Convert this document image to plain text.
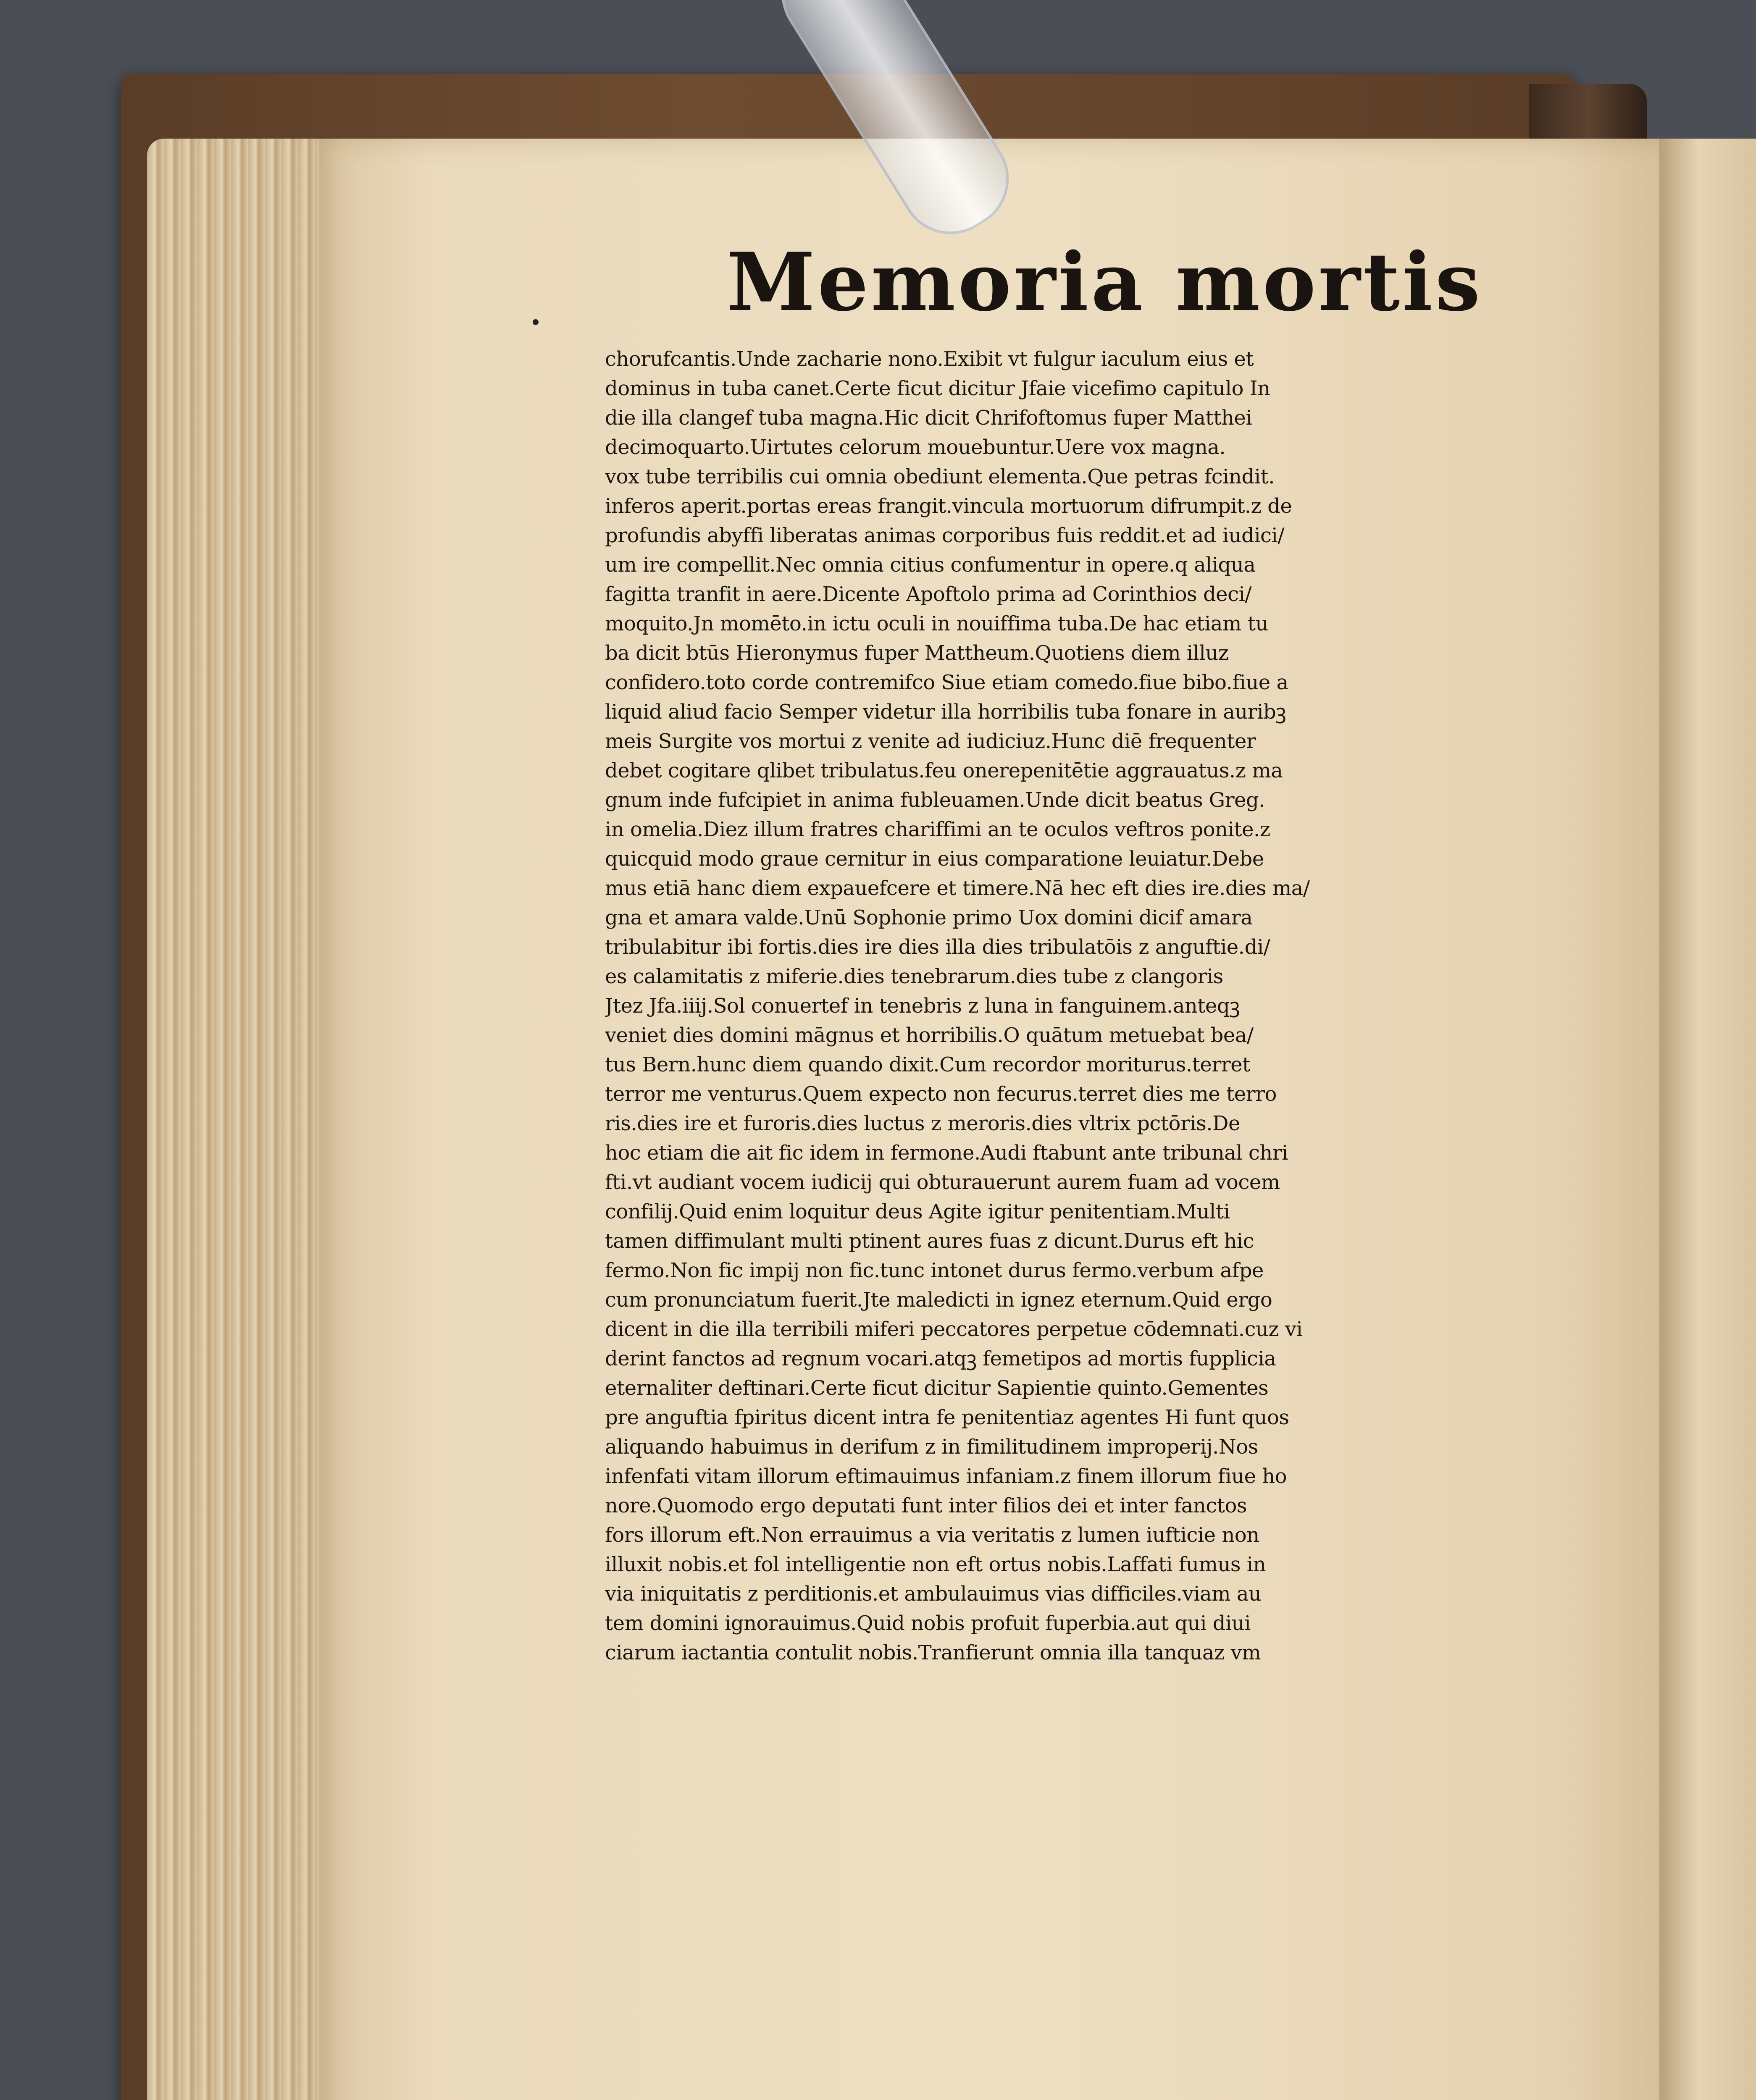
Memoria mortis
chorufcantis.Unde zacharie nono.Exibit vt fulgur iaculum eius et
dominus in tuba canet.Certe ficut dicitur Jfaie vicefimo capitulo In
die illa clangef tuba magna.Hic dicit Chrifoftomus fuper Matthei
decimoquarto.Uirtutes celorum mouebuntur.Uere vox magna.
vox tube terribilis cui omnia obediunt elementa.Que petras fcindit.
inferos aperit.portas ereas frangit.vincula mortuorum difrumpit.z de
profundis abyffi liberatas animas corporibus fuis reddit.et ad iudici/
um ire compellit.Nec omnia citius confumentur in opere.q aliqua
fagitta tranfit in aere.Dicente Apoftolo prima ad Corinthios deci/
moquito.Jn momēto.in ictu oculi in nouiffima tuba.De hac etiam tu
ba dicit btūs Hieronymus fuper Mattheum.Quotiens diem illuz
confidero.toto corde contremifco Siue etiam comedo.fiue bibo.fiue a
liquid aliud facio Semper videtur illa horribilis tuba fonare in auribꝫ
meis Surgite vos mortui z venite ad iudiciuz.Hunc diē frequenter
debet cogitare qlibet tribulatus.feu onerepenitētie aggrauatus.z ma
gnum inde fufcipiet in anima fubleuamen.Unde dicit beatus Greg.
in omelia.Diez illum fratres chariffimi an te oculos veftros ponite.z
quicquid modo graue cernitur in eius comparatione leuiatur.Debe
mus etiā hanc diem expauefcere et timere.Nā hec eft dies ire.dies ma/
gna et amara valde.Unū Sophonie primo Uox domini dicif amara
tribulabitur ibi fortis.dies ire dies illa dies tribulatōis z anguftie.di/
es calamitatis z miferie.dies tenebrarum.dies tube z clangoris
Jtez Jfa.iiij.Sol conuertef in tenebris z luna in fanguinem.anteqꝫ
veniet dies domini māgnus et horribilis.O quātum metuebat bea/
tus Bern.hunc diem quando dixit.Cum recordor moriturus.terret
terror me venturus.Quem expecto non fecurus.terret dies me terro
ris.dies ire et furoris.dies luctus z meroris.dies vltrix pctōris.De
hoc etiam die ait fic idem in fermone.Audi ftabunt ante tribunal chri
fti.vt audiant vocem iudicij qui obturauerunt aurem fuam ad vocem
confilij.Quid enim loquitur deus Agite igitur penitentiam.Multi
tamen diffimulant multi ptinent aures fuas z dicunt.Durus eft hic
fermo.Non fic impij non fic.tunc intonet durus fermo.verbum afpe
cum pronunciatum fuerit.Jte maledicti in ignez eternum.Quid ergo
dicent in die illa terribili miferi peccatores perpetue cōdemnati.cuz vi
derint fanctos ad regnum vocari.atqꝫ femetipos ad mortis fupplicia
eternaliter deftinari.Certe ficut dicitur Sapientie quinto.Gementes
pre anguftia fpiritus dicent intra fe penitentiaz agentes Hi funt quos
aliquando habuimus in derifum z in fimilitudinem improperij.Nos
infenfati vitam illorum eftimauimus infaniam.z finem illorum fiue ho
nore.Quomodo ergo deputati funt inter filios dei et inter fanctos
fors illorum eft.Non errauimus a via veritatis z lumen iufticie non
illuxit nobis.et fol intelligentie non eft ortus nobis.Laffati fumus in
via iniquitatis z perditionis.et ambulauimus vias difficiles.viam au
tem domini ignorauimus.Quid nobis profuit fuperbia.aut qui diui
ciarum iactantia contulit nobis.Tranfierunt omnia illa tanquaz vm
